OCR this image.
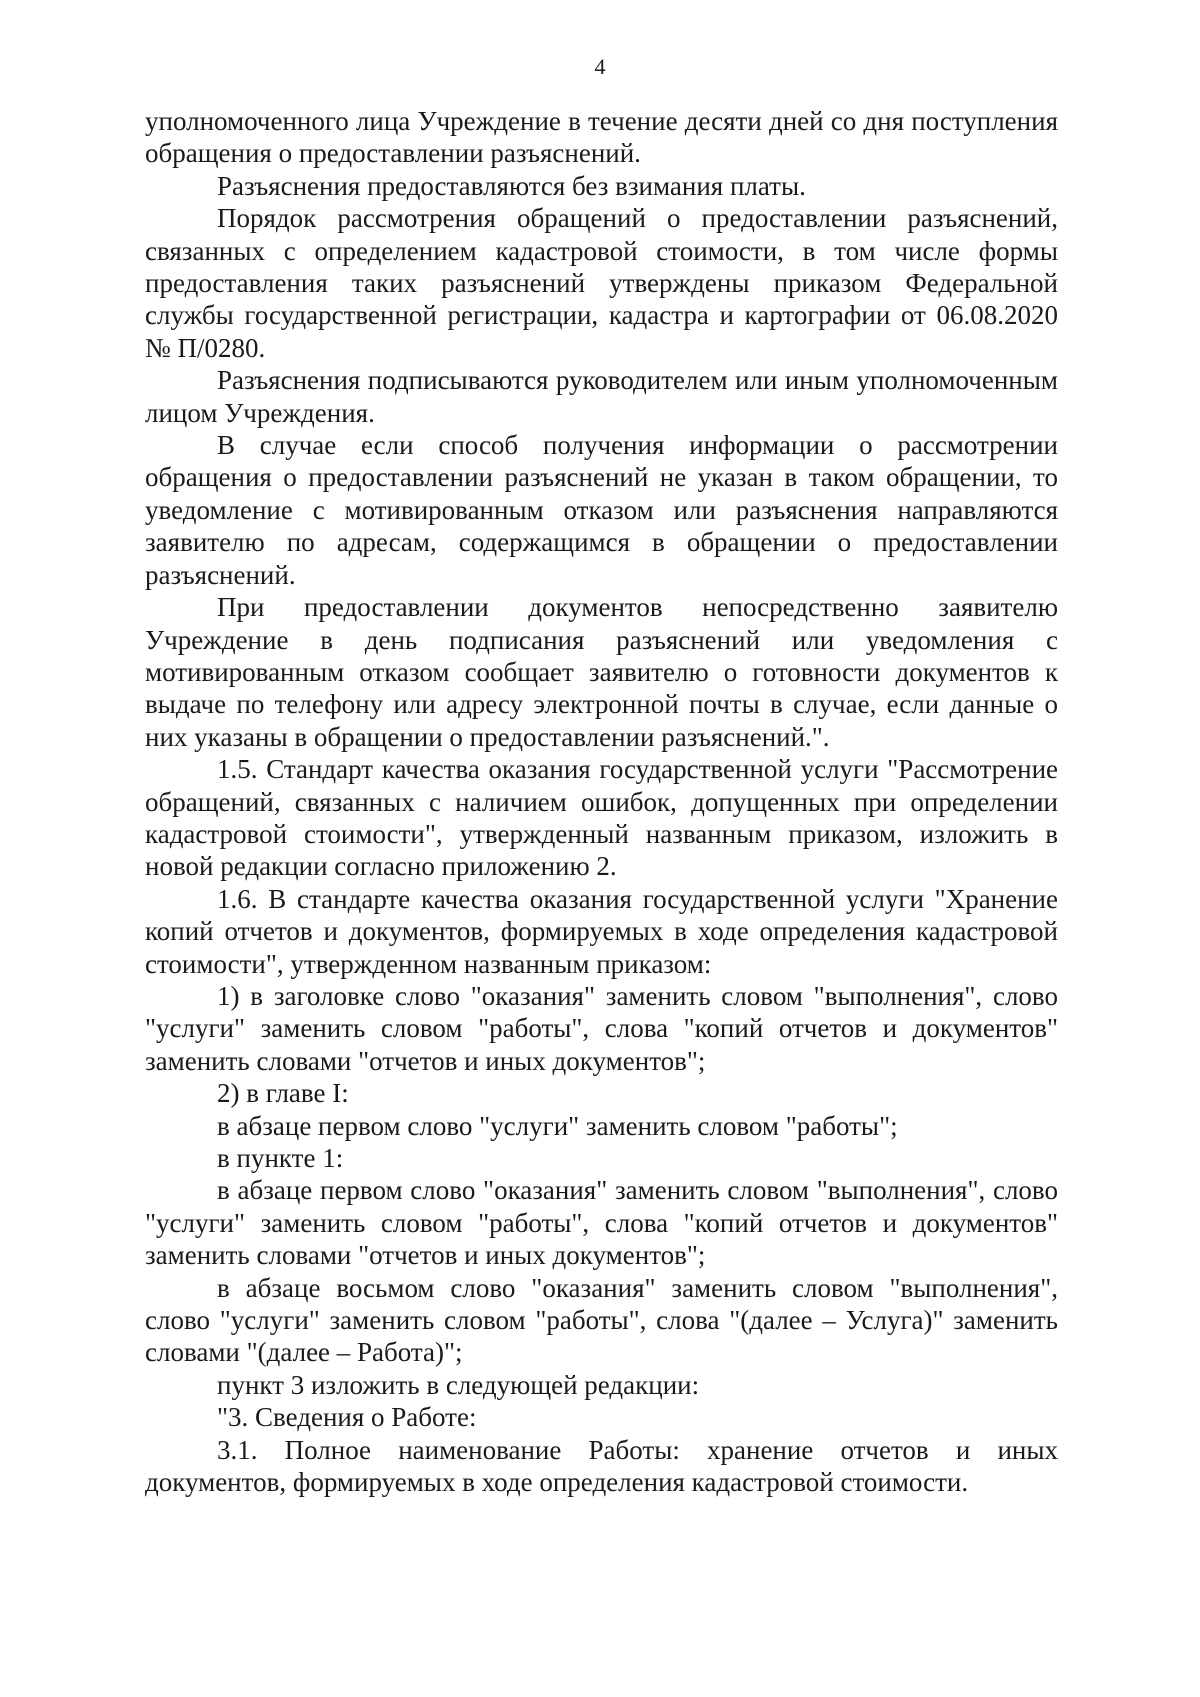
4

уполномоченного лица Учреждение в течение десяти дней со дня поступления обращения о предоставлении разъяснений.

Разъяснения предоставляются без взимания платы.

Порядок рассмотрения обращений о предоставлении разъяснений, связанных с определением кадастровой стоимости, в том числе формы предоставления таких разъяснений утверждены приказом Федеральной службы государственной регистрации, кадастра и картографии от 06.08.2020 № П/0280.

Разъяснения подписываются руководителем или иным уполномоченным лицом Учреждения.

В случае если способ получения информации о рассмотрении обращения о предоставлении разъяснений не указан в таком обращении, то уведомление с мотивированным отказом или разъяснения направляются заявителю по адресам, содержащимся в обращении о предоставлении разъяснений.

При предоставлении документов непосредственно заявителю Учреждение в день подписания разъяснений или уведомления с мотивированным отказом сообщает заявителю о готовности документов к выдаче по телефону или адресу электронной почты в случае, если данные о них указаны в обращении о предоставлении разъяснений.".

1.5. Стандарт качества оказания государственной услуги "Рассмотрение обращений, связанных с наличием ошибок, допущенных при определении кадастровой стоимости", утвержденный названным приказом, изложить в новой редакции согласно приложению 2.

1.6. В стандарте качества оказания государственной услуги "Хранение копий отчетов и документов, формируемых в ходе определения кадастровой стоимости", утвержденном названным приказом:

1) в заголовке слово "оказания" заменить словом "выполнения", слово "услуги" заменить словом "работы", слова "копий отчетов и документов" заменить словами "отчетов и иных документов";

2) в главе I:

в абзаце первом слово "услуги" заменить словом "работы";

в пункте 1:

в абзаце первом слово "оказания" заменить словом "выполнения", слово "услуги" заменить словом "работы", слова "копий отчетов и документов" заменить словами "отчетов и иных документов";

в абзаце восьмом слово "оказания" заменить словом "выполнения", слово "услуги" заменить словом "работы", слова "(далее – Услуга)" заменить словами "(далее – Работа)";

пункт 3 изложить в следующей редакции:

"3. Сведения о Работе:

3.1. Полное наименование Работы: хранение отчетов и иных документов, формируемых в ходе определения кадастровой стоимости.
